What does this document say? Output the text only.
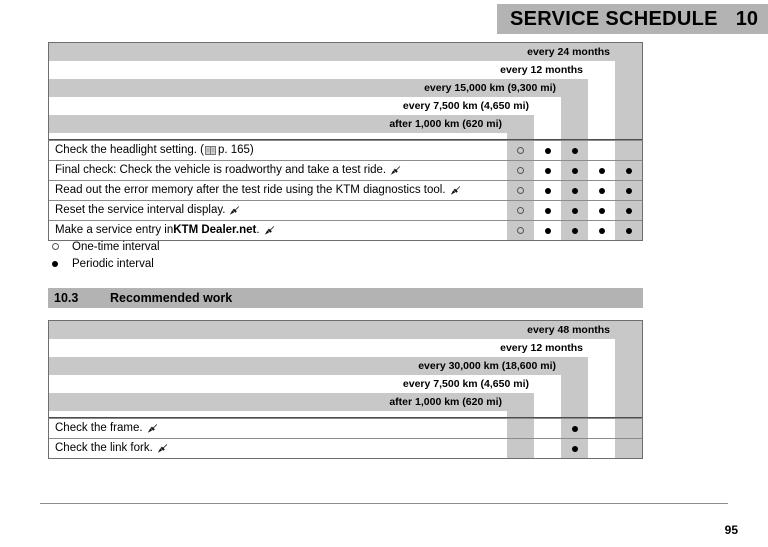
SERVICE SCHEDULE 10
every 24 months
every 12 months
every 15,000 km (9,300 mi)
every 7,500 km (4,650 mi)
after 1,000 km (620 mi)
Check the headlight setting. ( p. 165)
Final check: Check the vehicle is roadworthy and take a test ride.
Read out the error memory after the test ride using the KTM diagnostics tool.
Reset the service interval display.
Make a service entry in KTM Dealer.net .
One-time interval
Periodic interval
10.3	Recommended work
every 48 months
every 12 months
every 30,000 km (18,600 mi)
every 7,500 km (4,650 mi)
after 1,000 km (620 mi)
Check the frame.
Check the link fork.
95
